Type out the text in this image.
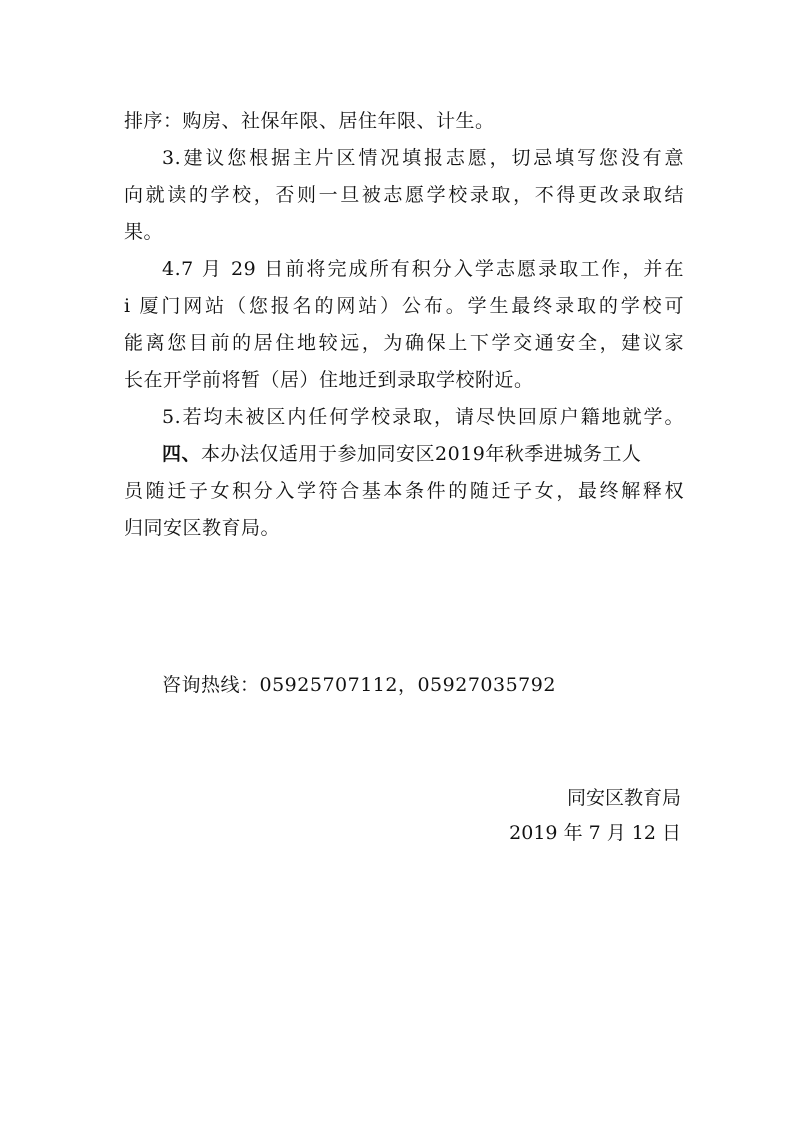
排序：购房、社保年限、居住年限、计生。
3.建议您根据主片区情况填报志愿，切忌填写您没有意
向就读的学校，否则一旦被志愿学校录取，不得更改录取结
果。
4.7 月 29 日前将完成所有积分入学志愿录取工作，并在
i 厦门网站（您报名的网站）公布。学生最终录取的学校可
能离您目前的居住地较远，为确保上下学交通安全，建议家
长在开学前将暂（居）住地迁到录取学校附近。
5.若均未被区内任何学校录取，请尽快回原户籍地就学。
四、本办法仅适用于参加同安区2019年秋季进城务工人
员随迁子女积分入学符合基本条件的随迁子女，最终解释权
归同安区教育局。
咨询热线：05925707112，05927035792
同安区教育局
2019 年 7 月 12 日
